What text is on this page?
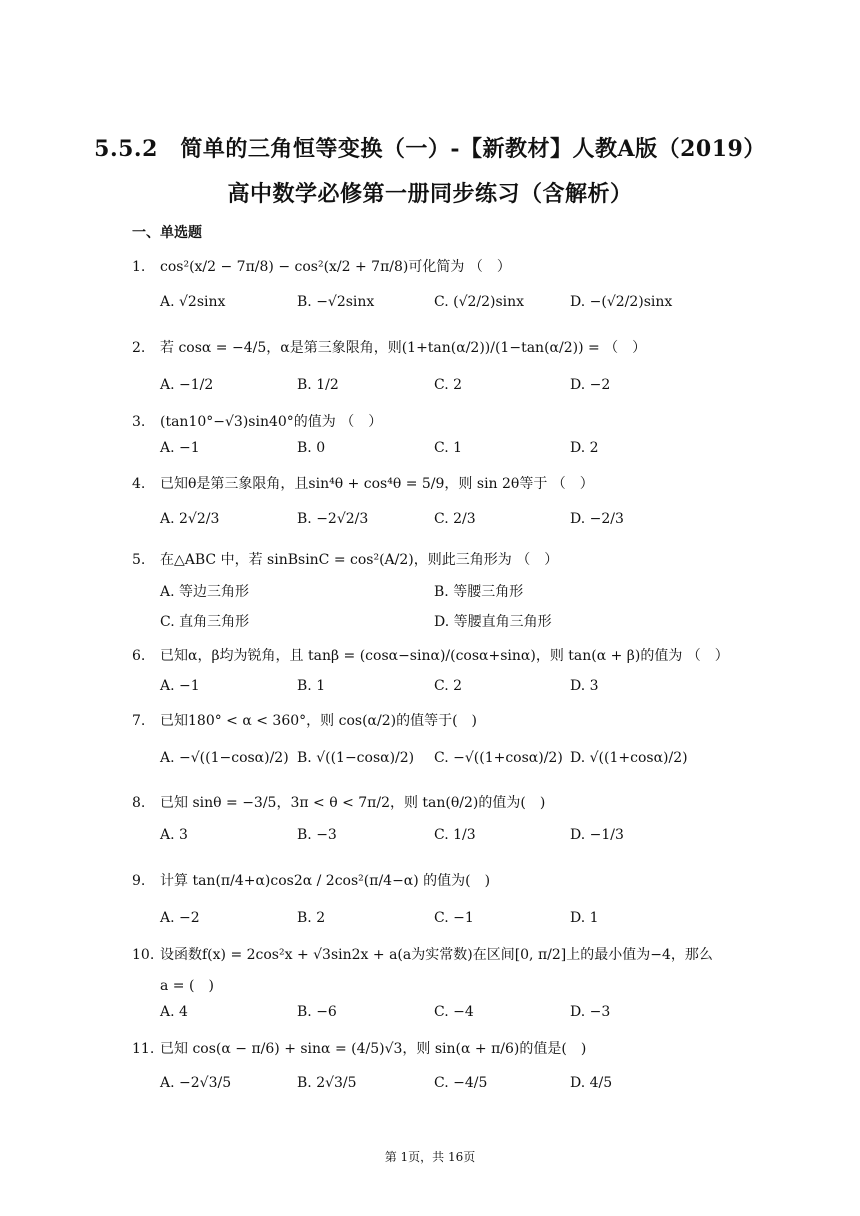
5.5.2　简单的三角恒等变换（一）-【新教材】人教A版（2019）
高中数学必修第一册同步练习（含解析）
一、单选题
1. cos²(x/2 − 7π/8) − cos²(x/2 + 7π/8)可化简为 （　）
A. √2sinx	B. −√2sinx	C. (√2/2)sinx	D. −(√2/2)sinx
2. 若 cosα = −4/5，α是第三象限角，则(1+tan(α/2))/(1−tan(α/2)) = （　）
A. −1/2	B. 1/2	C. 2	D. −2
3. (tan10°−√3)sin40°的值为 （　）
A. −1	B. 0	C. 1	D. 2
4. 已知θ是第三象限角，且sin⁴θ + cos⁴θ = 5/9，则 sin 2θ等于 （　）
A. 2√2/3	B. −2√2/3	C. 2/3	D. −2/3
5. 在△ABC 中，若 sinBsinC = cos²(A/2)，则此三角形为 （　）
A. 等边三角形	B. 等腰三角形
C. 直角三角形	D. 等腰直角三角形
6. 已知α，β均为锐角，且 tanβ = (cosα−sinα)/(cosα+sinα)，则 tan(α + β)的值为 （　）
A. −1	B. 1	C. 2	D. 3
7. 已知180° < α < 360°，则 cos(α/2)的值等于(　)
A. −√((1−cosα)/2) B. √((1−cosα)/2) C. −√((1+cosα)/2) D. √((1+cosα)/2)
8. 已知 sinθ = −3/5，3π < θ < 7π/2，则 tan(θ/2)的值为(　)
A. 3	B. −3	C. 1/3	D. −1/3
9. 计算 tan(π/4+α)cos2α / 2cos²(π/4−α) 的值为(　)
A. −2	B. 2	C. −1	D. 1
10. 设函数f(x) = 2cos²x + √3sin2x + a(a为实常数)在区间[0, π/2]上的最小值为−4，那么
a = (　)
A. 4	B. −6	C. −4	D. −3
11. 已知 cos(α − π/6) + sinα = (4/5)√3，则 sin(α + π/6)的值是(　)
A. −2√3/5	B. 2√3/5	C. −4/5	D. 4/5
第 1页，共 16页
